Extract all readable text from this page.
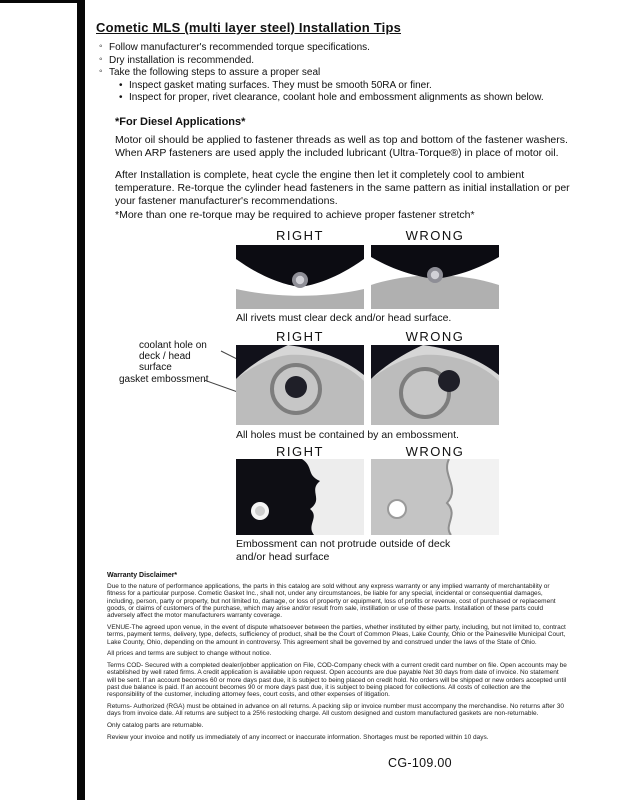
Cometic MLS (multi layer steel) Installation Tips
◦ Follow manufacturer's recommended torque specifications.
◦ Dry installation is recommended.
◦ Take the following steps to assure a proper seal
• Inspect gasket mating surfaces. They must be smooth 50RA or finer.
• Inspect for proper, rivet clearance, coolant hole and embossment alignments as shown below.
*For Diesel Applications*

Motor oil should be applied to fastener threads as well as top and bottom of the fastener washers. When ARP fasteners are used apply the included lubricant (Ultra-Torque®) in place of motor oil.

After Installation is complete, heat cycle the engine then let it completely cool to ambient temperature. Re-torque the cylinder head fasteners in the same pattern as initial installation or per your fastener manufacturer's recommendations.

*More than one re-torque may be required to achieve proper fastener stretch*

RIGHT	WRONG

All rivets must clear deck and/or head surface.

RIGHT	WRONG
coolant hole on deck / head surface
gasket embossment

All holes must be contained by an embossment.

RIGHT	WRONG

Embossment can not protrude outside of deck and/or head surface

Warranty Disclaimer*

Due to the nature of performance applications, the parts in this catalog are sold without any express warranty or any implied warranty of merchantability or fitness for a particular purpose. Cometic Gasket Inc., shall not, under any circumstances, be liable for any special, incidental or consequential damages, including, person, party or property, but not limited to, damage, or loss of property or equipment, loss of profits or revenue, cost of purchased or replacement goods, or claims of customers of the purchase, which may arise and/or result from sale, instillation or use of these parts. Installation of these parts could adversely affect the motor manufacturers warranty coverage.

VENUE-The agreed upon venue, in the event of dispute whatsoever between the parties, whether instituted by either party, including, but not limited to, contract terms, payment terms, delivery, type, defects, sufficiency of product, shall be the Court of Common Pleas, Lake County, Ohio or the Painesville Municipal Court, Lake County, Ohio, depending on the amount in controversy. This agreement shall be governed by and construed under the laws of the State of Ohio.

All prices and terms are subject to change without notice.

Terms COD- Secured with a completed dealer/jobber application on File, COD-Company check with a current credit card number on file. Open accounts may be established by well rated firms. A credit application is available upon request. Open accounts are due payable Net 30 days from date of invoice. No statement will be sent. If an account becomes 60 or more days past due, it is subject to being placed on credit hold. No orders will be shipped or new orders accepted until past due balance is paid. If an account becomes 90 or more days past due, it is subject to being placed for collections. All costs of collection are the responsibility of the customer, including attorney fees, court costs, and other expenses of litigation.

Returns- Authorized (RGA) must be obtained in advance on all returns. A packing slip or invoice number must accompany the merchandise. No returns after 30 days from invoice date. All returns are subject to a 25% restocking charge. All custom designed and custom manufactured gaskets are non-returnable.

Only catalog parts are returnable.

Review your invoice and notify us immediately of any incorrect or inaccurate information. Shortages must be reported within 10 days.

CG-109.00
